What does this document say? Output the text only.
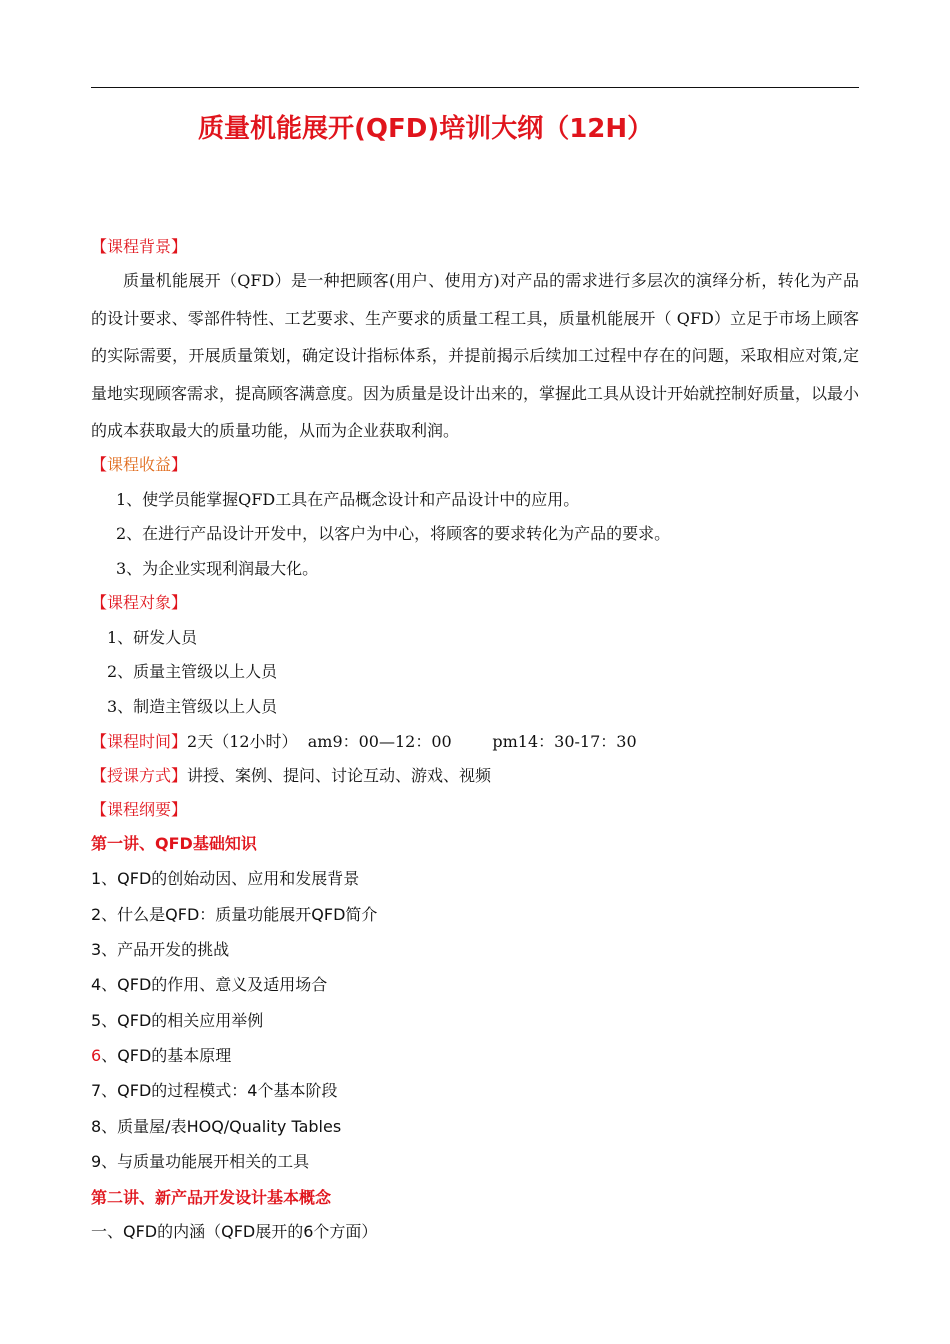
质量机能展开(QFD)培训大纲（12H）
【课程背景】
质量机能展开（QFD）是一种把顾客(用户、使用方)对产品的需求进行多层次的演绎分析，转化为产品的设计要求、零部件特性、工艺要求、生产要求的质量工程工具，质量机能展开（ QFD）立足于市场上顾客的实际需要，开展质量策划，确定设计指标体系，并提前揭示后续加工过程中存在的问题，采取相应对策,定量地实现顾客需求，提高顾客满意度。因为质量是设计出来的，掌握此工具从设计开始就控制好质量，以最小的成本获取最大的质量功能，从而为企业获取利润。
【课程收益】
1、使学员能掌握QFD工具在产品概念设计和产品设计中的应用。
2、在进行产品设计开发中，以客户为中心，将顾客的要求转化为产品的要求。
3、为企业实现利润最大化。
【课程对象】
1、研发人员
2、质量主管级以上人员
3、制造主管级以上人员
【课程时间】2天（12小时）  am9：00—12：00        pm14：30-17：30
【授课方式】讲授、案例、提问、讨论互动、游戏、视频
【课程纲要】
第一讲、QFD基础知识
1、QFD的创始动因、应用和发展背景
2、什么是QFD：质量功能展开QFD简介
3、产品开发的挑战
4、QFD的作用、意义及适用场合
5、QFD的相关应用举例
6、QFD的基本原理
7、QFD的过程模式：4个基本阶段
8、质量屋/表HOQ/Quality Tables
9、与质量功能展开相关的工具
第二讲、新产品开发设计基本概念
一、QFD的内涵（QFD展开的6个方面）
